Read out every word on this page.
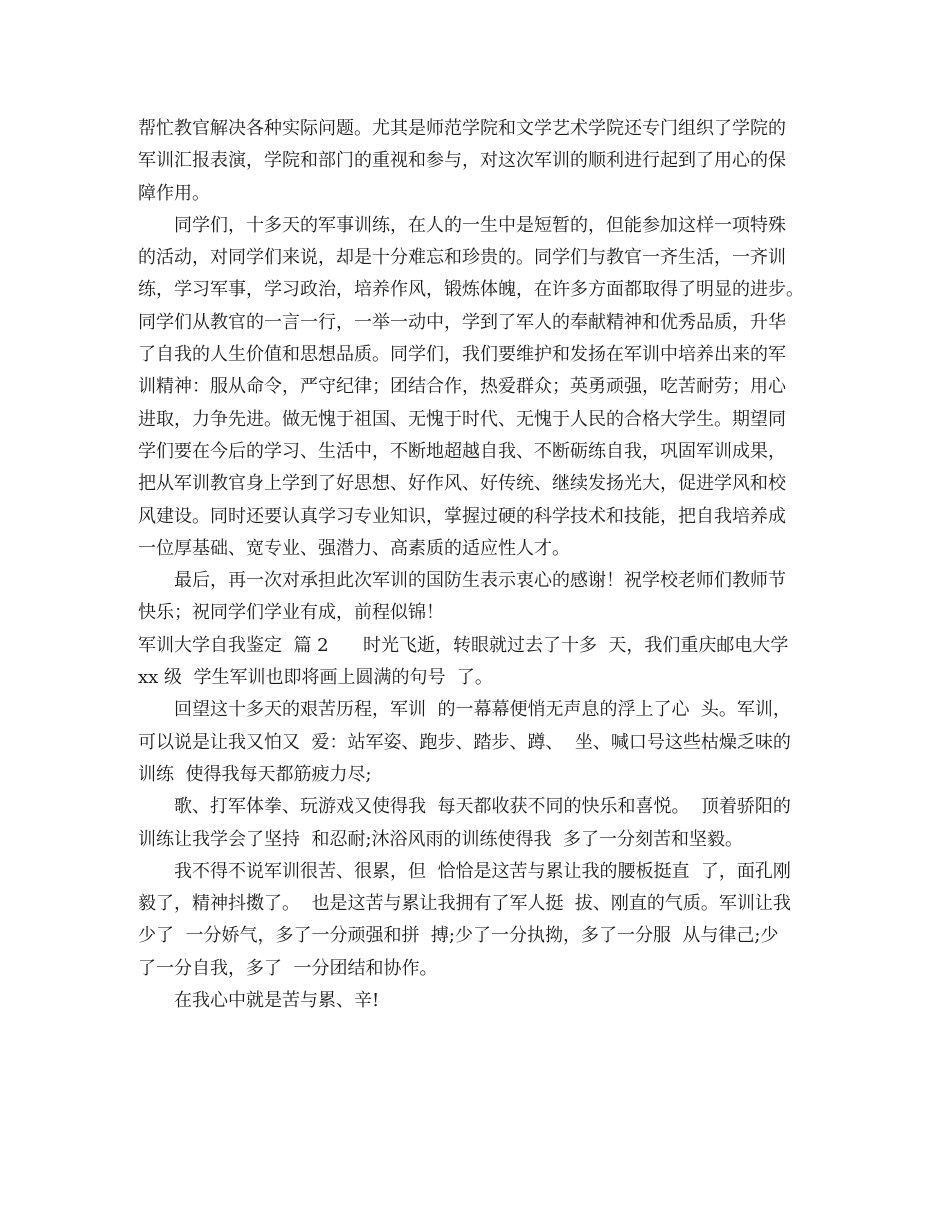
帮忙教官解决各种实际问题。尤其是师范学院和文学艺术学院还专门组织了学院的
军训汇报表演，学院和部门的重视和参与，对这次军训的顺利进行起到了用心的保
障作用。
同学们，十多天的军事训练，在人的一生中是短暂的，但能参加这样一项特殊
的活动，对同学们来说，却是十分难忘和珍贵的。同学们与教官一齐生活，一齐训
练，学习军事，学习政治，培养作风，锻炼体魄，在许多方面都取得了明显的进步。
同学们从教官的一言一行，一举一动中，学到了军人的奉献精神和优秀品质，升华
了自我的人生价值和思想品质。同学们，我们要维护和发扬在军训中培养出来的军
训精神：服从命令，严守纪律；团结合作，热爱群众；英勇顽强，吃苦耐劳；用心
进取，力争先进。做无愧于祖国、无愧于时代、无愧于人民的合格大学生。期望同
学们要在今后的学习、生活中，不断地超越自我、不断砺练自我，巩固军训成果，
把从军训教官身上学到了好思想、好作风、好传统、继续发扬光大，促进学风和校
风建设。同时还要认真学习专业知识，掌握过硬的科学技术和技能，把自我培养成
一位厚基础、宽专业、强潜力、高素质的适应性人才。
最后，再一次对承担此次军训的国防生表示衷心的感谢！祝学校老师们教师节
快乐；祝同学们学业有成，前程似锦！
军训大学自我鉴定  篇 2      时光飞逝，转眼就过去了十多  天，我们重庆邮电大学
xx 级  学生军训也即将画上圆满的句号  了。
回望这十多天的艰苦历程，军训  的一幕幕便悄无声息的浮上了心  头。军训，
可以说是让我又怕又  爱：站军姿、跑步、踏步、蹲、  坐、喊口号这些枯燥乏味的
训练  使得我每天都筋疲力尽;
歌、打军体拳、玩游戏又使得我  每天都收获不同的快乐和喜悦。  顶着骄阳的
训练让我学会了坚持  和忍耐;沐浴风雨的训练使得我  多了一分刻苦和坚毅。
我不得不说军训很苦、很累，但  恰恰是这苦与累让我的腰板挺直  了，面孔刚
毅了，精神抖擞了。  也是这苦与累让我拥有了军人挺  拔、刚直的气质。军训让我
少了  一分娇气，多了一分顽强和拼  搏;少了一分执拗，多了一分服  从与律己;少
了一分自我，多了  一分团结和协作。
在我心中就是苦与累、辛!
